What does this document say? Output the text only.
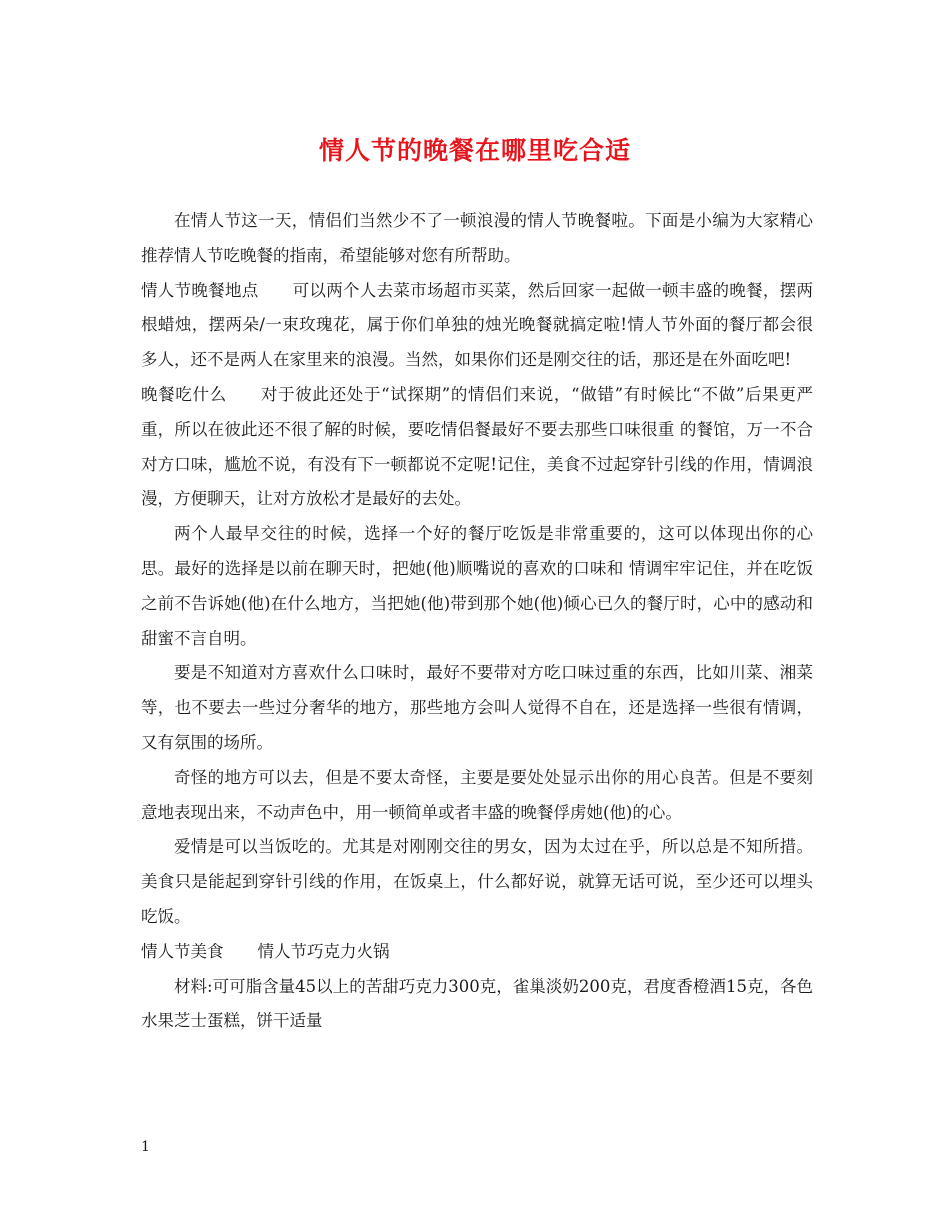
情人节的晚餐在哪里吃合适

在情人节这一天，情侣们当然少不了一顿浪漫的情人节晚餐啦。下面是小编为大家精心推荐情人节吃晚餐的指南，希望能够对您有所帮助。

情人节晚餐地点 可以两个人去菜市场超市买菜，然后回家一起做一顿丰盛的晚餐，摆两根蜡烛，摆两朵/一束玫瑰花，属于你们单独的烛光晚餐就搞定啦!情人节外面的餐厅都会很多人，还不是两人在家里来的浪漫。当然，如果你们还是刚交往的话，那还是在外面吃吧!

晚餐吃什么 对于彼此还处于“试探期”的情侣们来说，“做错”有时候比“不做”后果更严重，所以在彼此还不很了解的时候，要吃情侣餐最好不要去那些口味很重 的餐馆，万一不合对方口味，尴尬不说，有没有下一顿都说不定呢!记住，美食不过起穿针引线的作用，情调浪漫，方便聊天，让对方放松才是最好的去处。

两个人最早交往的时候，选择一个好的餐厅吃饭是非常重要的，这可以体现出你的心思。最好的选择是以前在聊天时，把她(他)顺嘴说的喜欢的口味和 情调牢牢记住，并在吃饭之前不告诉她(他)在什么地方，当把她(他)带到那个她(他)倾心已久的餐厅时，心中的感动和甜蜜不言自明。

要是不知道对方喜欢什么口味时，最好不要带对方吃口味过重的东西，比如川菜、湘菜等，也不要去一些过分奢华的地方，那些地方会叫人觉得不自在，还是选择一些很有情调，又有氛围的场所。

奇怪的地方可以去，但是不要太奇怪，主要是要处处显示出你的用心良苦。但是不要刻意地表现出来，不动声色中，用一顿简单或者丰盛的晚餐俘虏她(他)的心。

爱情是可以当饭吃的。尤其是对刚刚交往的男女，因为太过在乎，所以总是不知所措。美食只是能起到穿针引线的作用，在饭桌上，什么都好说，就算无话可说，至少还可以埋头吃饭。

情人节美食 情人节巧克力火锅

材料:可可脂含量45以上的苦甜巧克力300克，雀巢淡奶200克，君度香橙酒15克，各色水果芝士蛋糕，饼干适量

1
